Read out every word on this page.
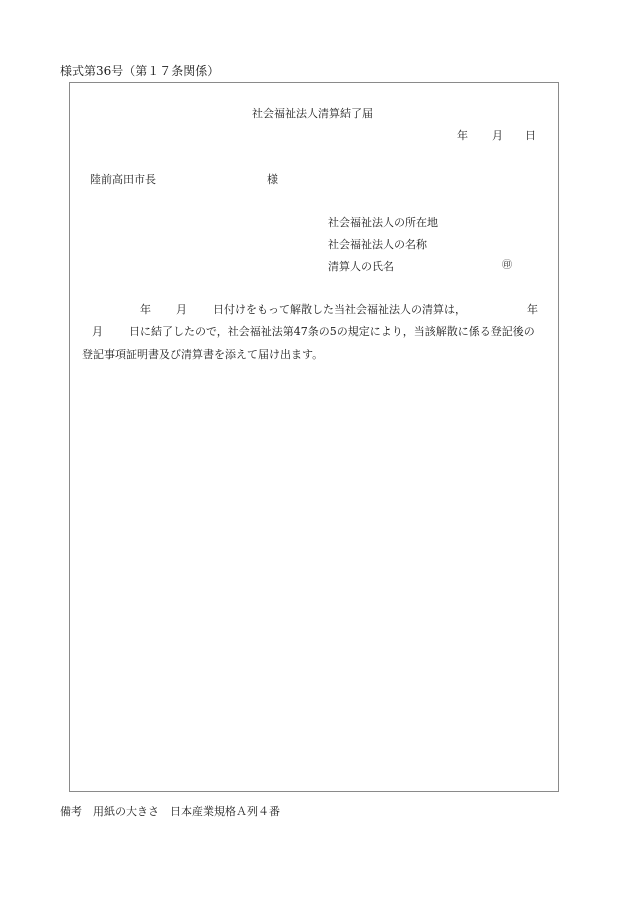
様式第36号（第１７条関係）
社会福祉法人清算結了届
年 月 日
陸前高田市長	様
社会福祉法人の所在地
社会福祉法人の名称
清算人の氏名	㊞
年 月 日付けをもって解散した当社会福祉法人の清算は，	年
月 日に結了したので，社会福祉法第47条の5の規定により，当該解散に係る登記後の
登記事項証明書及び清算書を添えて届け出ます。
備考　用紙の大きさ　日本産業規格Ａ列４番
